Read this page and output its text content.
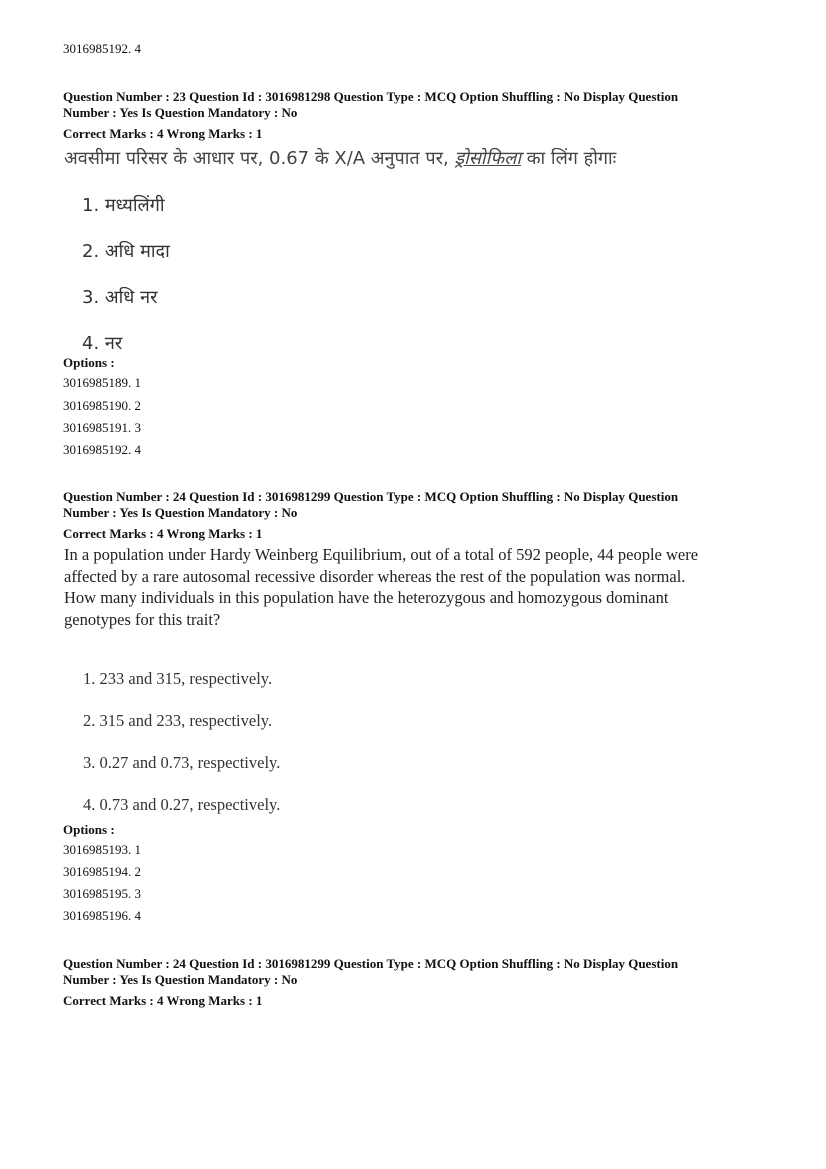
3016985192. 4
Question Number : 23 Question Id : 3016981298 Question Type : MCQ Option Shuffling : No Display Question
Number : Yes Is Question Mandatory : No
Correct Marks : 4 Wrong Marks : 1
अवसीमा परिसर के आधार पर, 0.67 के X/A अनुपात पर, ड्रोसोफिला का लिंग होगाः
1. मध्यलिंगी
2. अधि मादा
3. अधि नर
4. नर
Options :
3016985189. 1
3016985190. 2
3016985191. 3
3016985192. 4
Question Number : 24 Question Id : 3016981299 Question Type : MCQ Option Shuffling : No Display Question
Number : Yes Is Question Mandatory : No
Correct Marks : 4 Wrong Marks : 1
In a population under Hardy Weinberg Equilibrium, out of a total of 592 people, 44 people were
affected by a rare autosomal recessive disorder whereas the rest of the population was normal.
How many individuals in this population have the heterozygous and homozygous dominant
genotypes for this trait?
1. 233 and 315, respectively.
2. 315 and 233, respectively.
3. 0.27 and 0.73, respectively.
4. 0.73 and 0.27, respectively.
Options :
3016985193. 1
3016985194. 2
3016985195. 3
3016985196. 4
Question Number : 24 Question Id : 3016981299 Question Type : MCQ Option Shuffling : No Display Question
Number : Yes Is Question Mandatory : No
Correct Marks : 4 Wrong Marks : 1
